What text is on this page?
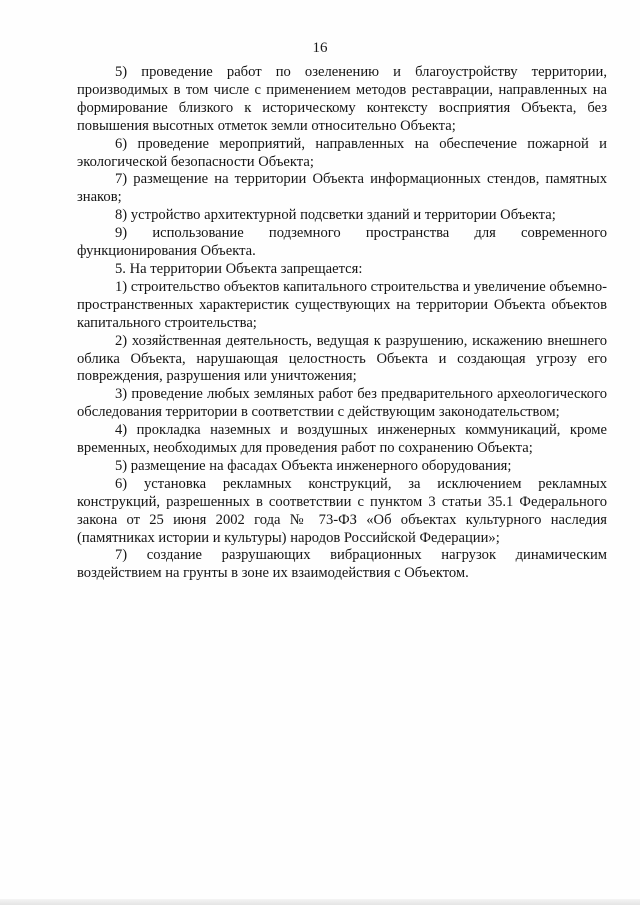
16

5) проведение работ по озеленению и благоустройству территории, производимых в том числе с применением методов реставрации, направленных на формирование близкого к историческому контексту восприятия Объекта, без повышения высотных отметок земли относительно Объекта;

6) проведение мероприятий, направленных на обеспечение пожарной и экологической безопасности Объекта;

7) размещение на территории Объекта информационных стендов, памятных знаков;

8) устройство архитектурной подсветки зданий и территории Объекта;

9) использование подземного пространства для современного функционирования Объекта.

5. На территории Объекта запрещается:

1) строительство объектов капитального строительства и увеличение объемно-пространственных характеристик существующих на территории Объекта объектов капитального строительства;

2) хозяйственная деятельность, ведущая к разрушению, искажению внешнего облика Объекта, нарушающая целостность Объекта и создающая угрозу его повреждения, разрушения или уничтожения;

3) проведение любых земляных работ без предварительного археологического обследования территории в соответствии с действующим законодательством;

4) прокладка наземных и воздушных инженерных коммуникаций, кроме временных, необходимых для проведения работ по сохранению Объекта;

5) размещение на фасадах Объекта инженерного оборудования;

6) установка рекламных конструкций, за исключением рекламных конструкций, разрешенных в соответствии с пунктом 3 статьи 35.1 Федерального закона от 25 июня 2002 года № 73-ФЗ «Об объектах культурного наследия (памятниках истории и культуры) народов Российской Федерации»;

7) создание разрушающих вибрационных нагрузок динамическим воздействием на грунты в зоне их взаимодействия с Объектом.
